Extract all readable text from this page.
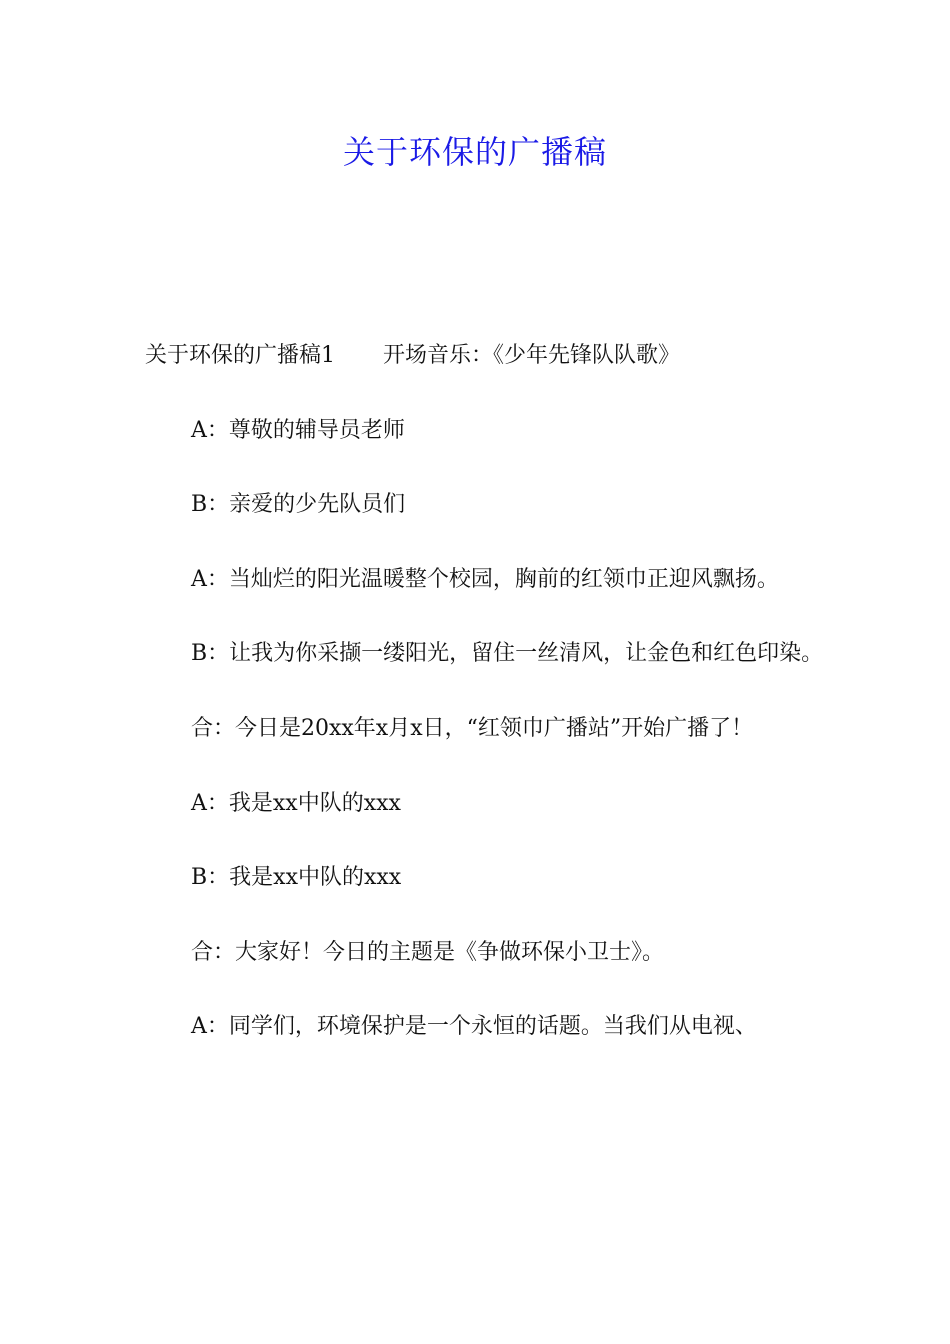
关于环保的广播稿

关于环保的广播稿1 开场音乐：《少年先锋队队歌》

A：尊敬的辅导员老师

B：亲爱的少先队员们

A：当灿烂的阳光温暖整个校园，胸前的红领巾正迎风飘扬。

B：让我为你采撷一缕阳光，留住一丝清风，让金色和红色印染。

合：今日是20xx年x月x日，“红领巾广播站”开始广播了！

A：我是xx中队的xxx

B：我是xx中队的xxx

合：大家好！今日的主题是《争做环保小卫士》。

A：同学们，环境保护是一个永恒的话题。当我们从电视、
